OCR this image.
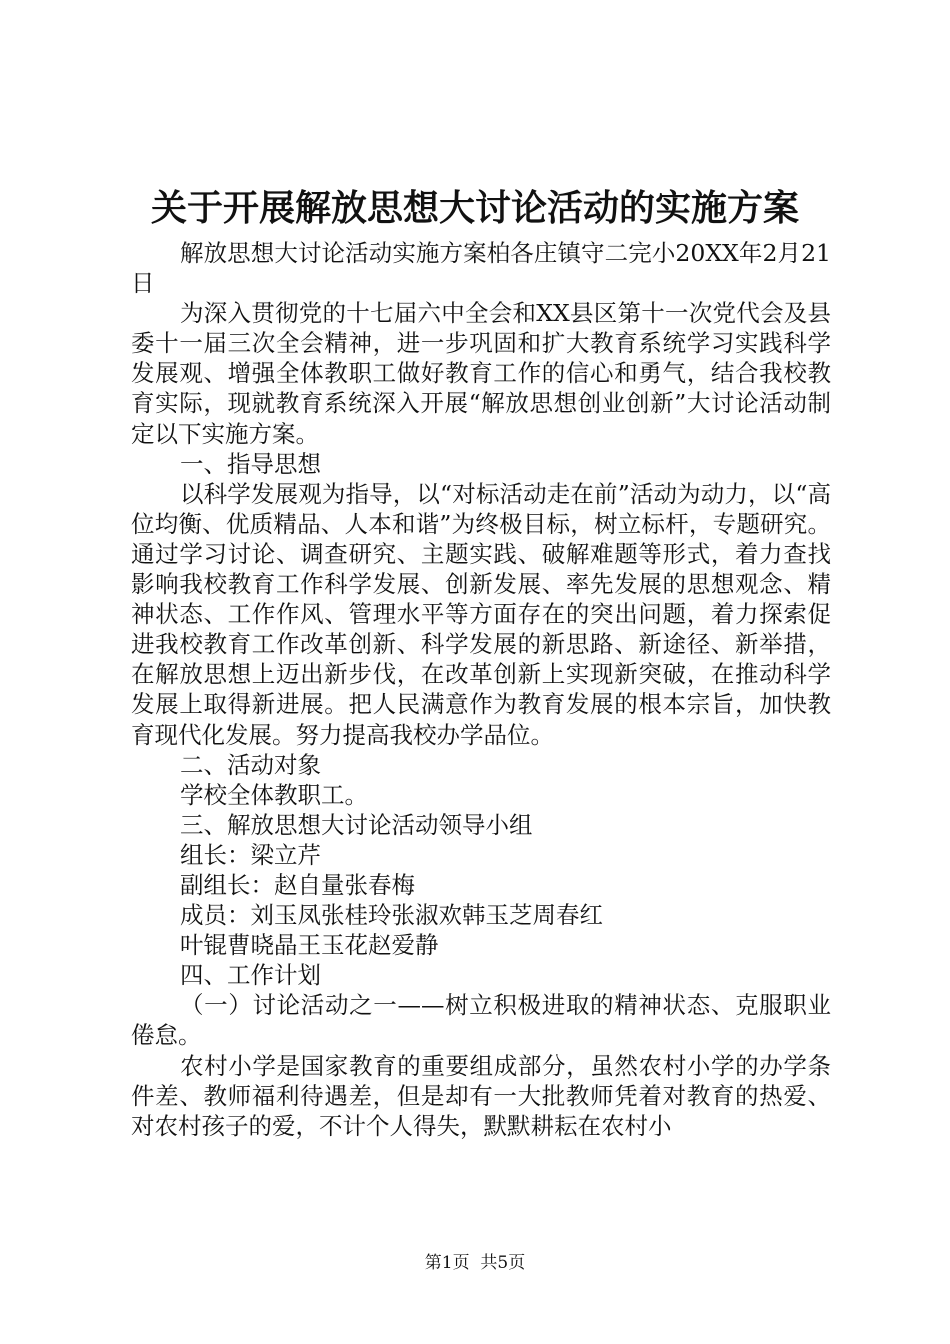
关于开展解放思想大讨论活动的实施方案

解放思想大讨论活动实施方案柏各庄镇守二完小20XX年2月21日

为深入贯彻党的十七届六中全会和XX县区第十一次党代会及县委十一届三次全会精神，进一步巩固和扩大教育系统学习实践科学发展观、增强全体教职工做好教育工作的信心和勇气，结合我校教育实际，现就教育系统深入开展“解放思想创业创新”大讨论活动制定以下实施方案。

一、指导思想

以科学发展观为指导，以“对标活动走在前”活动为动力，以“高位均衡、优质精品、人本和谐”为终极目标，树立标杆，专题研究。通过学习讨论、调查研究、主题实践、破解难题等形式，着力查找影响我校教育工作科学发展、创新发展、率先发展的思想观念、精神状态、工作作风、管理水平等方面存在的突出问题，着力探索促进我校教育工作改革创新、科学发展的新思路、新途径、新举措，在解放思想上迈出新步伐，在改革创新上实现新突破，在推动科学发展上取得新进展。把人民满意作为教育发展的根本宗旨，加快教育现代化发展。努力提高我校办学品位。

二、活动对象

学校全体教职工。

三、解放思想大讨论活动领导小组

组长：梁立芹

副组长：赵自量张春梅

成员：刘玉凤张桂玲张淑欢韩玉芝周春红

叶锟曹晓晶王玉花赵爱静

四、工作计划

（一）讨论活动之一——树立积极进取的精神状态、克服职业倦怠。

农村小学是国家教育的重要组成部分，虽然农村小学的办学条件差、教师福利待遇差，但是却有一大批教师凭着对教育的热爱、对农村孩子的爱，不计个人得失，默默耕耘在农村小

第1页 共5页
